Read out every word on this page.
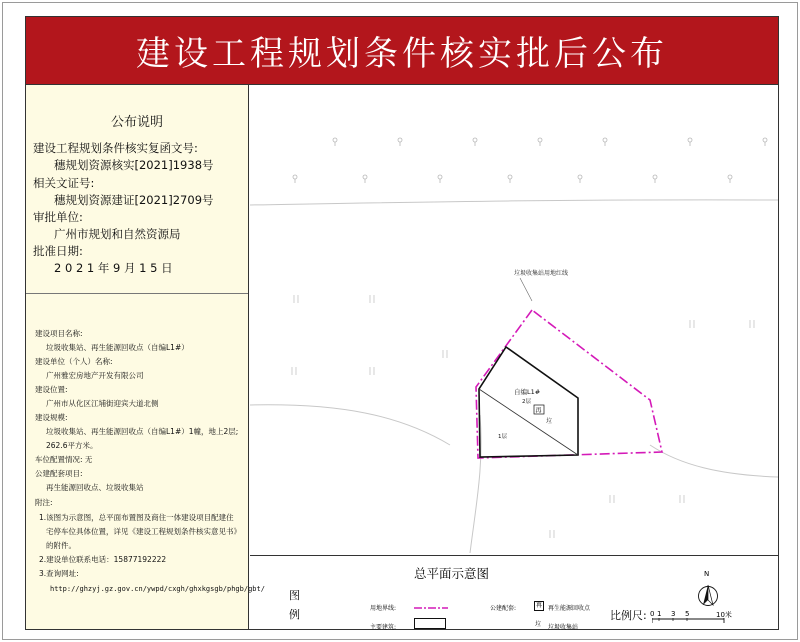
建设工程规划条件核实批后公布
公布说明
建设工程规划条件核实复函文号:
穗规划资源核实[2021]1938号
相关文证号:
穗规划资源建证[2021]2709号
审批单位:
广州市规划和自然资源局
批准日期:
2 0 2 1 年 9 月 1 5 日
建设项目名称:
垃圾收集站、再生能源回收点（自编L1#）
建设单位（个人）名称:
广州雅宏房地产开发有限公司
建设位置:
广州市从化区江埔街迎宾大道北侧
建设规模:
垃圾收集站、再生能源回收点（自编L1#）1幢，地上2层;
262.6平方米。
车位配置情况: 无
公建配套项目:
再生能源回收点、垃圾收集站
附注:
1.该图为示意图，总平面布置图及商住一体建设项目配建住
宅停车位具体位置，详见《建设工程规划条件核实意见书》
的附件。
2.建设单位联系电话：15877192222
3.查询网址:
http://ghzyj.gz.gov.cn/ywpd/cxgh/ghxkgsgb/phgb/gbt/
垃圾收集站用地红线
自编L1#
2层
1层
再
垃
总平面示意图
图
例	用地界线:
主要建筑:
公建配套:	再	再生能源回收点
垃 垃圾收集站
N
比例尺: 0 1 3 5	10米
